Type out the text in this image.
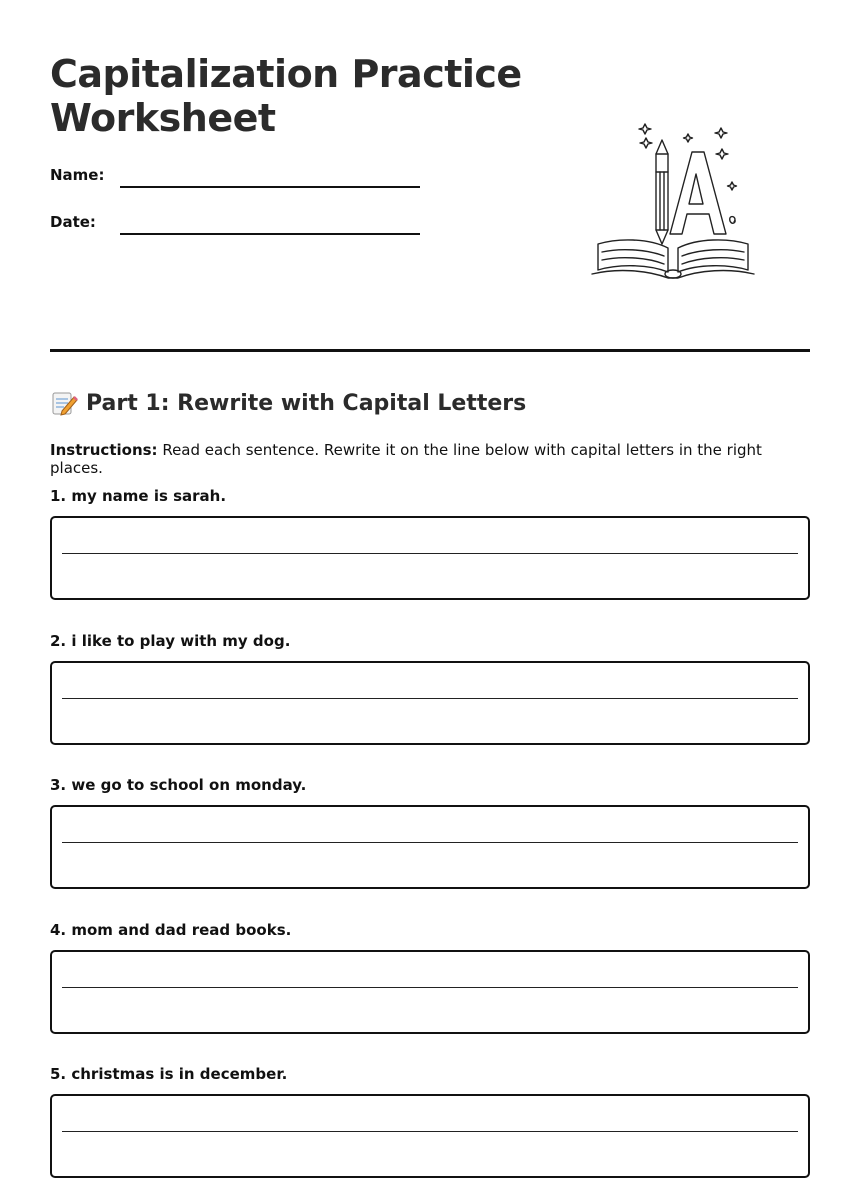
Capitalization Practice Worksheet
Name:
Date:
Part 1: Rewrite with Capital Letters
Instructions: Read each sentence. Rewrite it on the line below with capital letters in the right places.
1. my name is sarah.
2. i like to play with my dog.
3. we go to school on monday.
4. mom and dad read books.
5. christmas is in december.
